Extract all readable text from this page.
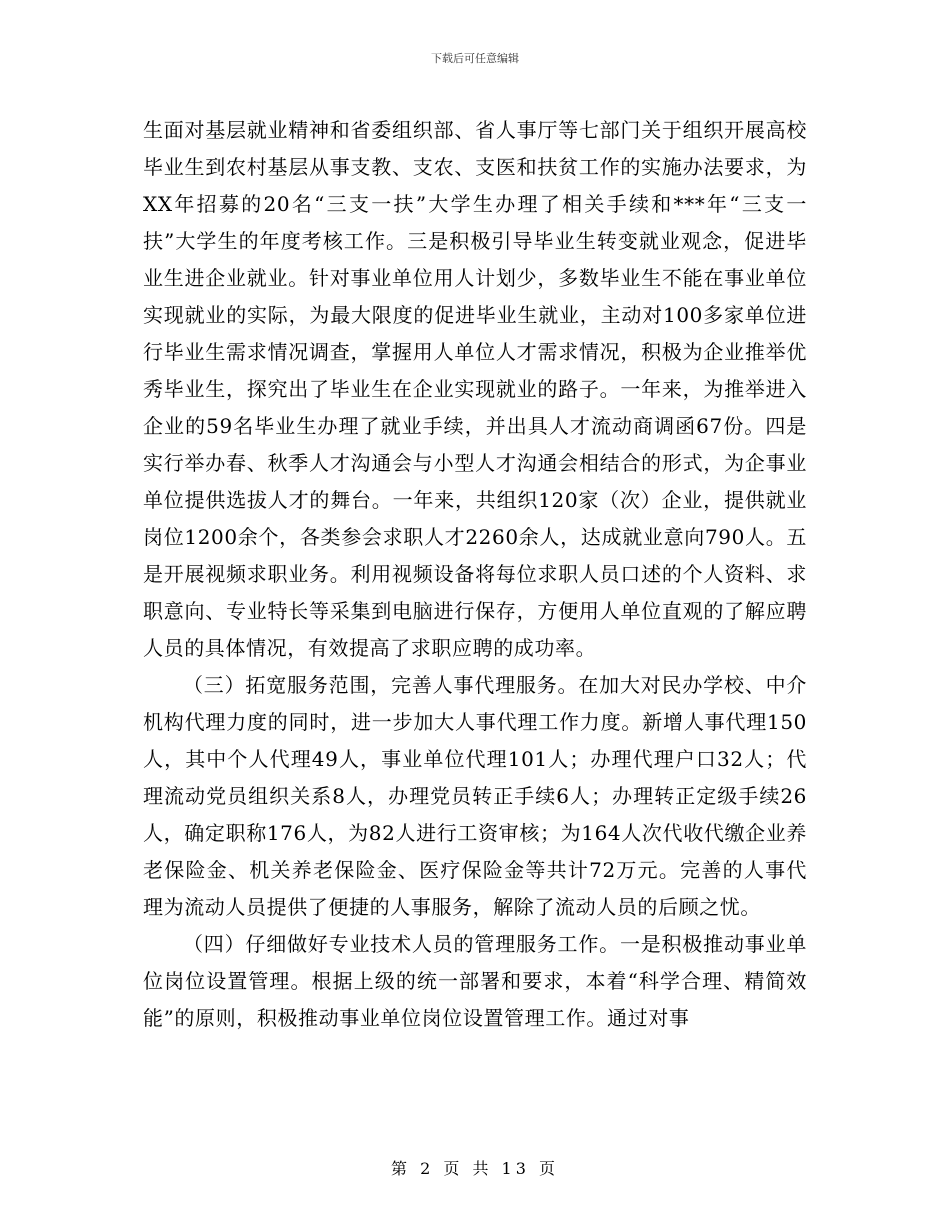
下载后可任意编辑

生面对基层就业精神和省委组织部、省人事厅等七部门关于组织开展高校毕业生到农村基层从事支教、支农、支医和扶贫工作的实施办法要求，为XX年招募的20名“三支一扶”大学生办理了相关手续和***年“三支一扶”大学生的年度考核工作。三是积极引导毕业生转变就业观念，促进毕业生进企业就业。针对事业单位用人计划少，多数毕业生不能在事业单位实现就业的实际，为最大限度的促进毕业生就业，主动对100多家单位进行毕业生需求情况调查，掌握用人单位人才需求情况，积极为企业推举优秀毕业生，探究出了毕业生在企业实现就业的路子。一年来，为推举进入企业的59名毕业生办理了就业手续，并出具人才流动商调函67份。四是实行举办春、秋季人才沟通会与小型人才沟通会相结合的形式，为企事业单位提供选拔人才的舞台。一年来，共组织120家（次）企业，提供就业岗位1200余个，各类参会求职人才2260余人，达成就业意向790人。五是开展视频求职业务。利用视频设备将每位求职人员口述的个人资料、求职意向、专业特长等采集到电脑进行保存，方便用人单位直观的了解应聘人员的具体情况，有效提高了求职应聘的成功率。

（三）拓宽服务范围，完善人事代理服务。在加大对民办学校、中介机构代理力度的同时，进一步加大人事代理工作力度。新增人事代理150人，其中个人代理49人，事业单位代理101人；办理代理户口32人；代理流动党员组织关系8人，办理党员转正手续6人；办理转正定级手续26人，确定职称176人，为82人进行工资审核；为164人次代收代缴企业养老保险金、机关养老保险金、医疗保险金等共计72万元。完善的人事代理为流动人员提供了便捷的人事服务，解除了流动人员的后顾之忧。

（四）仔细做好专业技术人员的管理服务工作。一是积极推动事业单位岗位设置管理。根据上级的统一部署和要求，本着“科学合理、精简效能”的原则，积极推动事业单位岗位设置管理工作。通过对事

第 2 页 共 13 页
